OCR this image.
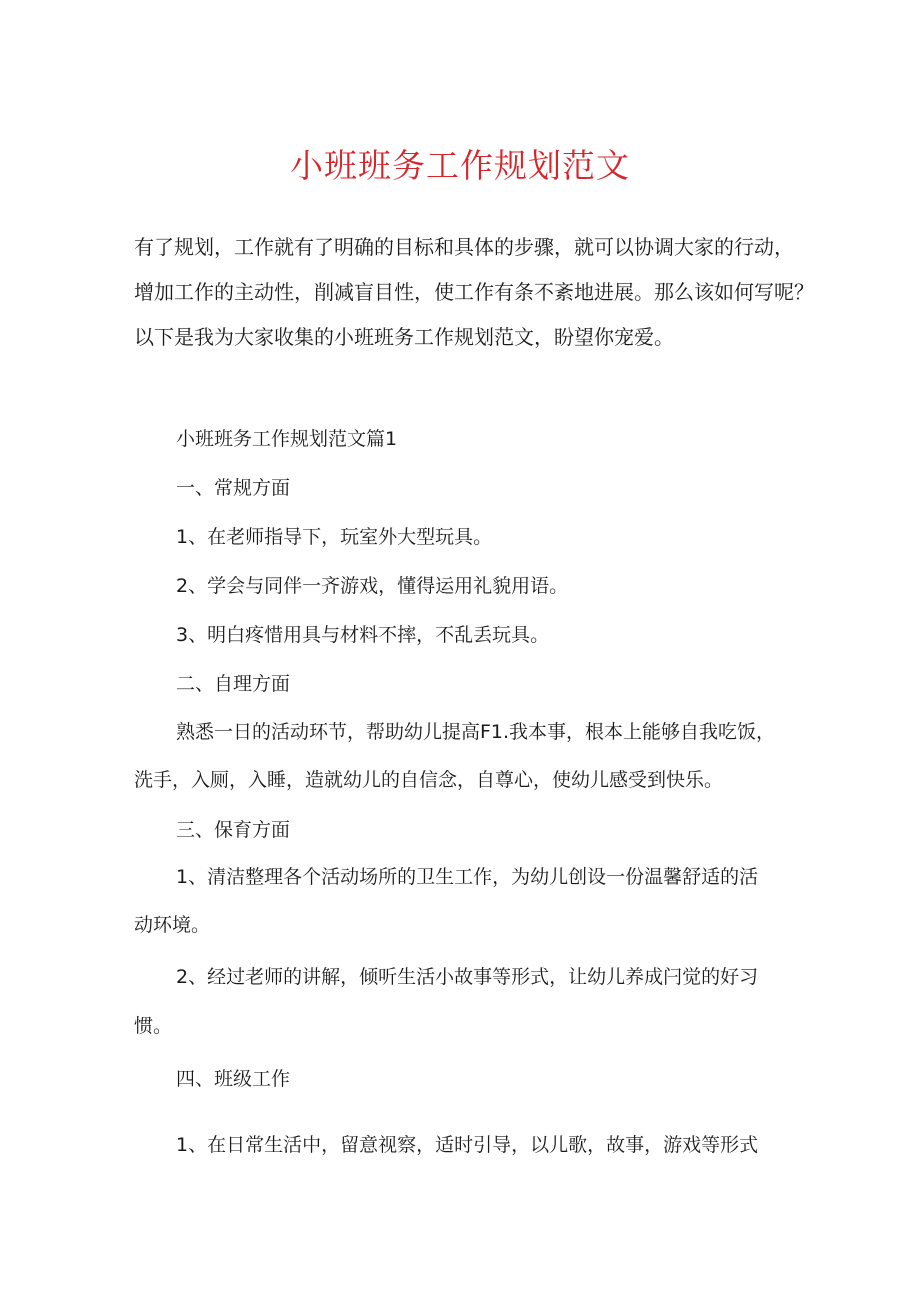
小班班务工作规划范文

有了规划，工作就有了明确的目标和具体的步骤，就可以协调大家的行动，

增加工作的主动性，削减盲目性，使工作有条不紊地进展。那么该如何写呢？

以下是我为大家收集的小班班务工作规划范文，盼望你宠爱。

小班班务工作规划范文篇1
一、常规方面
1、在老师指导下，玩室外大型玩具。
2、学会与同伴一齐游戏，懂得运用礼貌用语。
3、明白疼惜用具与材料不摔，不乱丢玩具。
二、自理方面
熟悉一日的活动环节，帮助幼儿提高F1.我本事，根本上能够自我吃饭，
洗手，入厕，入睡，造就幼儿的自信念，自尊心，使幼儿感受到快乐。
三、保育方面
1、清洁整理各个活动场所的卫生工作，为幼儿创设一份温馨舒适的活
动环境。
2、经过老师的讲解，倾听生活小故事等形式，让幼儿养成闩觉的好习
惯。
四、班级工作
1、在日常生活中，留意视察，适时引导，以儿歌，故事，游戏等形式
